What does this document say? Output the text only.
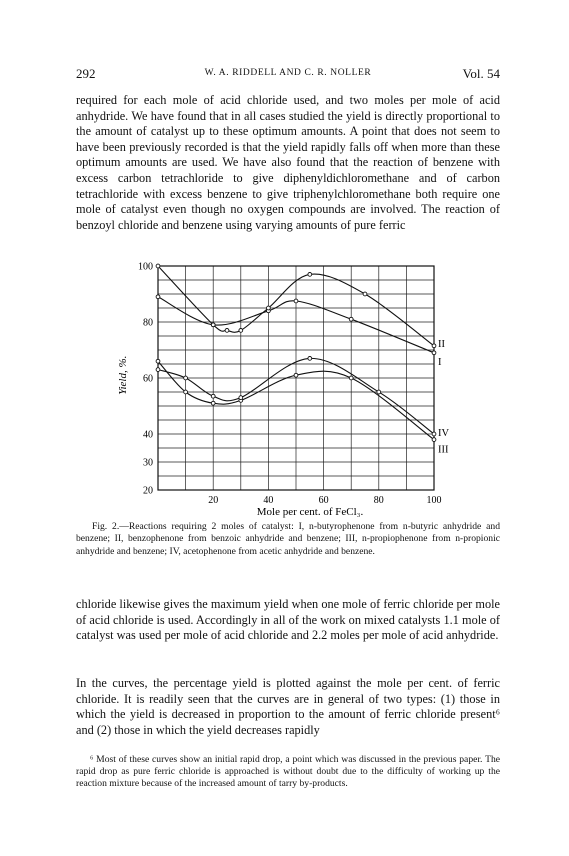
292	W. A. RIDDELL AND C. R. NOLLER	Vol. 54

required for each mole of acid chloride used, and two moles per mole of acid anhydride. We have found that in all cases studied the yield is directly proportional to the amount of catalyst up to these optimum amounts. A point that does not seem to have been previously recorded is that the yield rapidly falls off when more than these optimum amounts are used. We have also found that the reaction of benzene with excess carbon tetrachloride to give diphenyldichloromethane and of carbon tetrachloride with excess benzene to give triphenylchloromethane both require one mole of catalyst even though no oxygen compounds are involved. The reaction of benzoyl chloride and benzene using varying amounts of pure ferric

20
30
40
60
80
100
20	40	60	80	100
I
II
III
IV
Yield, %.
Mole per cent. of FeCl₃.

Fig. 2.—Reactions requiring 2 moles of catalyst: I, n-butyrophenone from n-butyric anhydride and benzene; II, benzophenone from benzoic anhydride and benzene; III, n-propiophenone from n-propionic anhydride and benzene; IV, acetophenone from acetic anhydride and benzene.

chloride likewise gives the maximum yield when one mole of ferric chloride per mole of acid chloride is used. Accordingly in all of the work on mixed catalysts 1.1 mole of catalyst was used per mole of acid chloride and 2.2 moles per mole of acid anhydride.

In the curves, the percentage yield is plotted against the mole per cent. of ferric chloride. It is readily seen that the curves are in general of two types: (1) those in which the yield is decreased in proportion to the amount of ferric chloride present⁶ and (2) those in which the yield decreases rapidly

⁶ Most of these curves show an initial rapid drop, a point which was discussed in the previous paper. The rapid drop as pure ferric chloride is approached is without doubt due to the difficulty of working up the reaction mixture because of the increased amount of tarry by-products.
